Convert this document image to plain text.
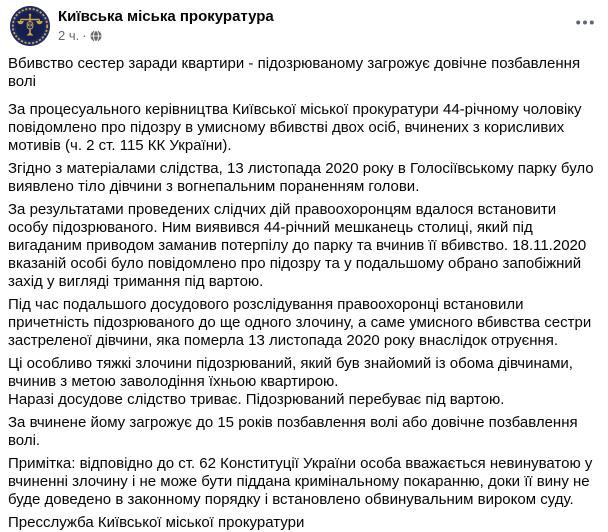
Київська міська прокуратура
2 ч. ·

Вбивство сестер заради квартири - підозрюваному загрожує довічне позбавлення волі

За процесуального керівництва Київської міської прокуратури 44-річному чоловіку повідомлено про підозру в умисному вбивстві двох осіб, вчинених з корисливих мотивів (ч. 2 ст. 115 КК України).

Згідно з матеріалами слідства, 13 листопада 2020 року в Голосіївському парку було виявлено тіло дівчини з вогнепальним пораненням голови.

За результатами проведених слідчих дій правоохоронцям вдалося встановити особу підозрюваного. Ним виявився 44-річний мешканець столиці, який під вигаданим приводом заманив потерпілу до парку та вчинив її вбивство. 18.11.2020 вказаній особі було повідомлено про підозру та у подальшому обрано запобіжний захід у вигляді тримання під вартою.

Під час подальшого досудового розслідування правоохоронці встановили причетність підозрюваного до ще одного злочину, а саме умисного вбивства сестри застреленої дівчини, яка померла 13 листопада 2020 року внаслідок отруєння.

Ці особливо тяжкі злочини підозрюваний, який був знайомий із обома дівчинами, вчинив з метою заволодіння їхньою квартирою.

Наразі досудове слідство триває. Підозрюваний перебуває під вартою.

За вчинене йому загрожує до 15 років позбавлення волі або довічне позбавлення волі.

Примітка: відповідно до ст. 62 Конституції України особа вважається невинуватою у вчиненні злочину і не може бути піддана кримінальному покаранню, доки її вину не буде доведено в законному порядку і встановлено обвинувальним вироком суду.

Пресслужба Київської міської прокуратури
